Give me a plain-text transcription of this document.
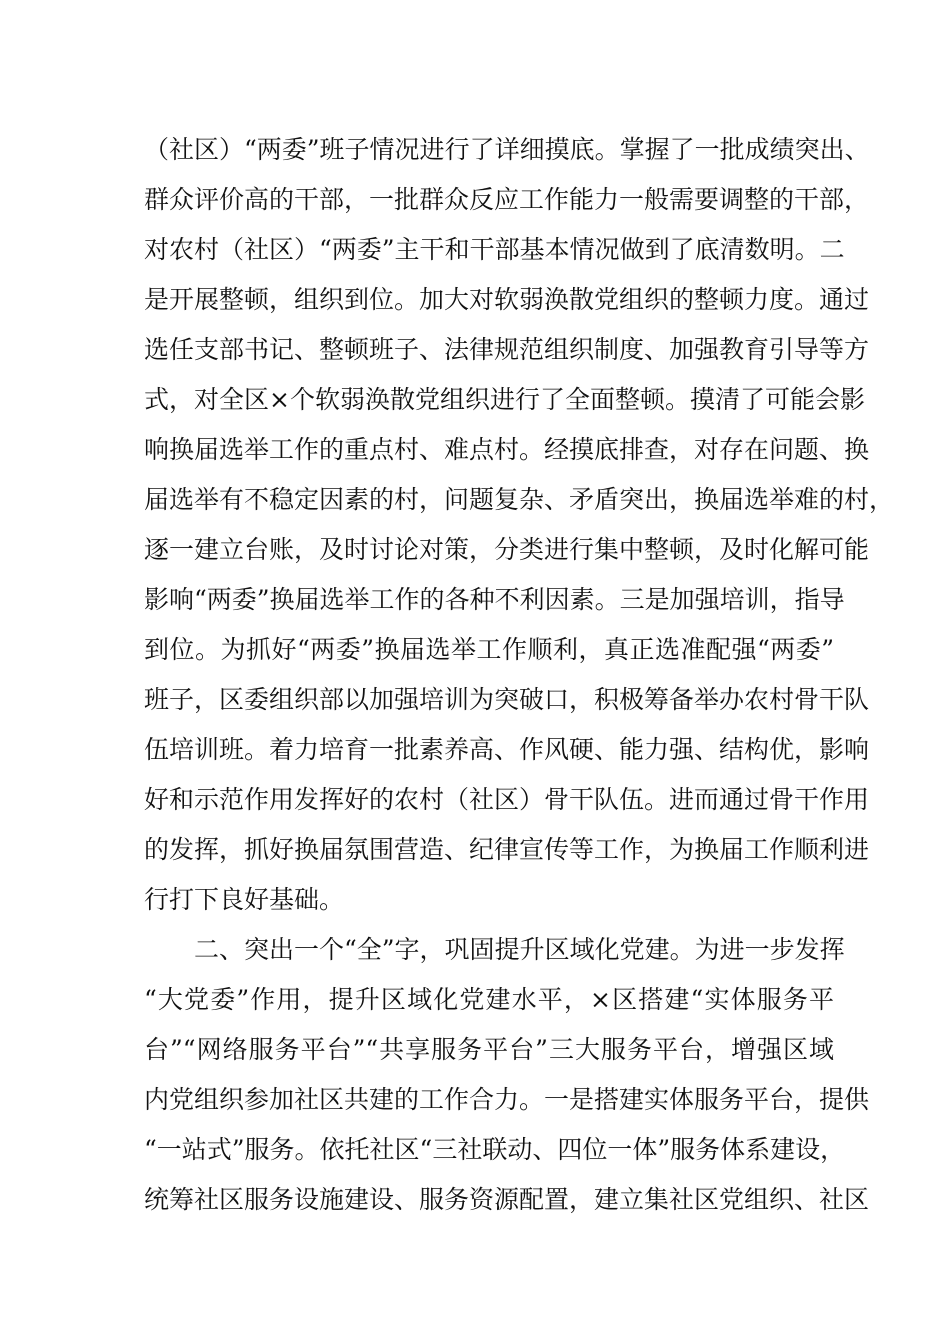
（社区）“两委”班子情况进行了详细摸底。掌握了一批成绩突出、
群众评价高的干部，一批群众反应工作能力一般需要调整的干部，
对农村（社区）“两委”主干和干部基本情况做到了底清数明。二
是开展整顿，组织到位。加大对软弱涣散党组织的整顿力度。通过
选任支部书记、整顿班子、法律规范组织制度、加强教育引导等方
式，对全区×个软弱涣散党组织进行了全面整顿。摸清了可能会影
响换届选举工作的重点村、难点村。经摸底排查，对存在问题、换
届选举有不稳定因素的村，问题复杂、矛盾突出，换届选举难的村，
逐一建立台账，及时讨论对策，分类进行集中整顿，及时化解可能
影响“两委”换届选举工作的各种不利因素。三是加强培训，指导
到位。为抓好“两委”换届选举工作顺利，真正选准配强“两委”
班子，区委组织部以加强培训为突破口，积极筹备举办农村骨干队
伍培训班。着力培育一批素养高、作风硬、能力强、结构优，影响
好和示范作用发挥好的农村（社区）骨干队伍。进而通过骨干作用
的发挥，抓好换届氛围营造、纪律宣传等工作，为换届工作顺利进
行打下良好基础。
二、突出一个“全”字，巩固提升区域化党建。为进一步发挥
“大党委”作用，提升区域化党建水平，×区搭建“实体服务平
台”“网络服务平台”“共享服务平台”三大服务平台，增强区域
内党组织参加社区共建的工作合力。一是搭建实体服务平台，提供
“一站式”服务。依托社区“三社联动、四位一体”服务体系建设，
统筹社区服务设施建设、服务资源配置，建立集社区党组织、社区
